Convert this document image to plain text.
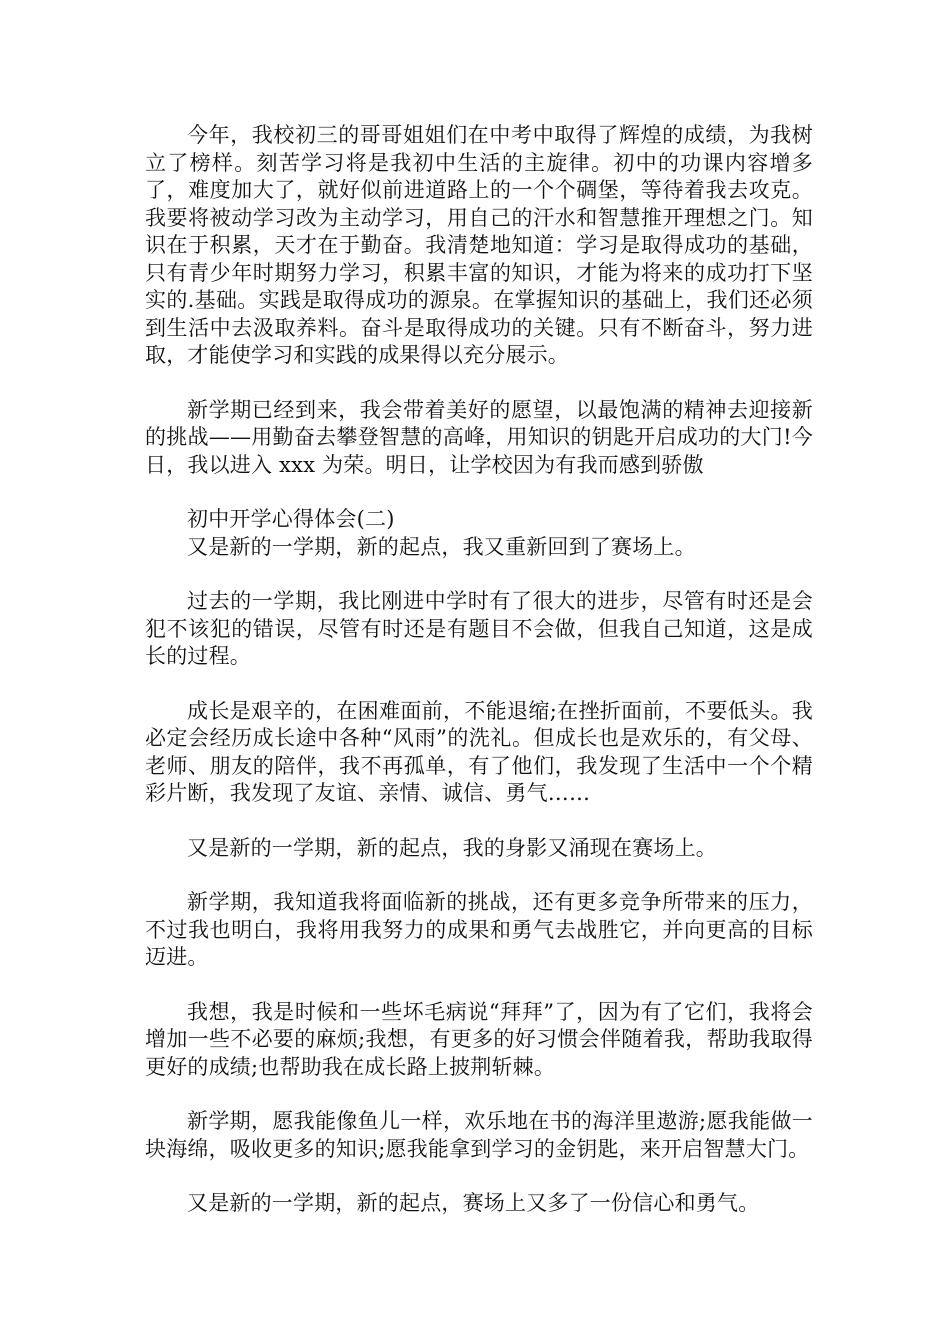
今年，我校初三的哥哥姐姐们在中考中取得了辉煌的成绩，为我树立了榜样。刻苦学习将是我初中生活的主旋律。初中的功课内容增多了，难度加大了，就好似前进道路上的一个个碉堡，等待着我去攻克。我要将被动学习改为主动学习，用自己的汗水和智慧推开理想之门。知识在于积累，天才在于勤奋。我清楚地知道：学习是取得成功的基础，只有青少年时期努力学习，积累丰富的知识，才能为将来的成功打下坚实的.基础。实践是取得成功的源泉。在掌握知识的基础上，我们还必须到生活中去汲取养料。奋斗是取得成功的关键。只有不断奋斗，努力进取，才能使学习和实践的成果得以充分展示。

新学期已经到来，我会带着美好的愿望，以最饱满的精神去迎接新的挑战——用勤奋去攀登智慧的高峰，用知识的钥匙开启成功的大门!今日，我以进入 xxx 为荣。明日，让学校因为有我而感到骄傲

初中开学心得体会(二)

又是新的一学期，新的起点，我又重新回到了赛场上。

过去的一学期，我比刚进中学时有了很大的进步，尽管有时还是会犯不该犯的错误，尽管有时还是有题目不会做，但我自己知道，这是成长的过程。

成长是艰辛的，在困难面前，不能退缩;在挫折面前，不要低头。我必定会经历成长途中各种“风雨”的洗礼。但成长也是欢乐的，有父母、老师、朋友的陪伴，我不再孤单，有了他们，我发现了生活中一个个精彩片断，我发现了友谊、亲情、诚信、勇气……

又是新的一学期，新的起点，我的身影又涌现在赛场上。

新学期，我知道我将面临新的挑战，还有更多竞争所带来的压力，不过我也明白，我将用我努力的成果和勇气去战胜它，并向更高的目标迈进。

我想，我是时候和一些坏毛病说“拜拜”了，因为有了它们，我将会增加一些不必要的麻烦;我想，有更多的好习惯会伴随着我，帮助我取得更好的成绩;也帮助我在成长路上披荆斩棘。

新学期，愿我能像鱼儿一样，欢乐地在书的海洋里遨游;愿我能做一块海绵，吸收更多的知识;愿我能拿到学习的金钥匙，来开启智慧大门。

又是新的一学期，新的起点，赛场上又多了一份信心和勇气。
